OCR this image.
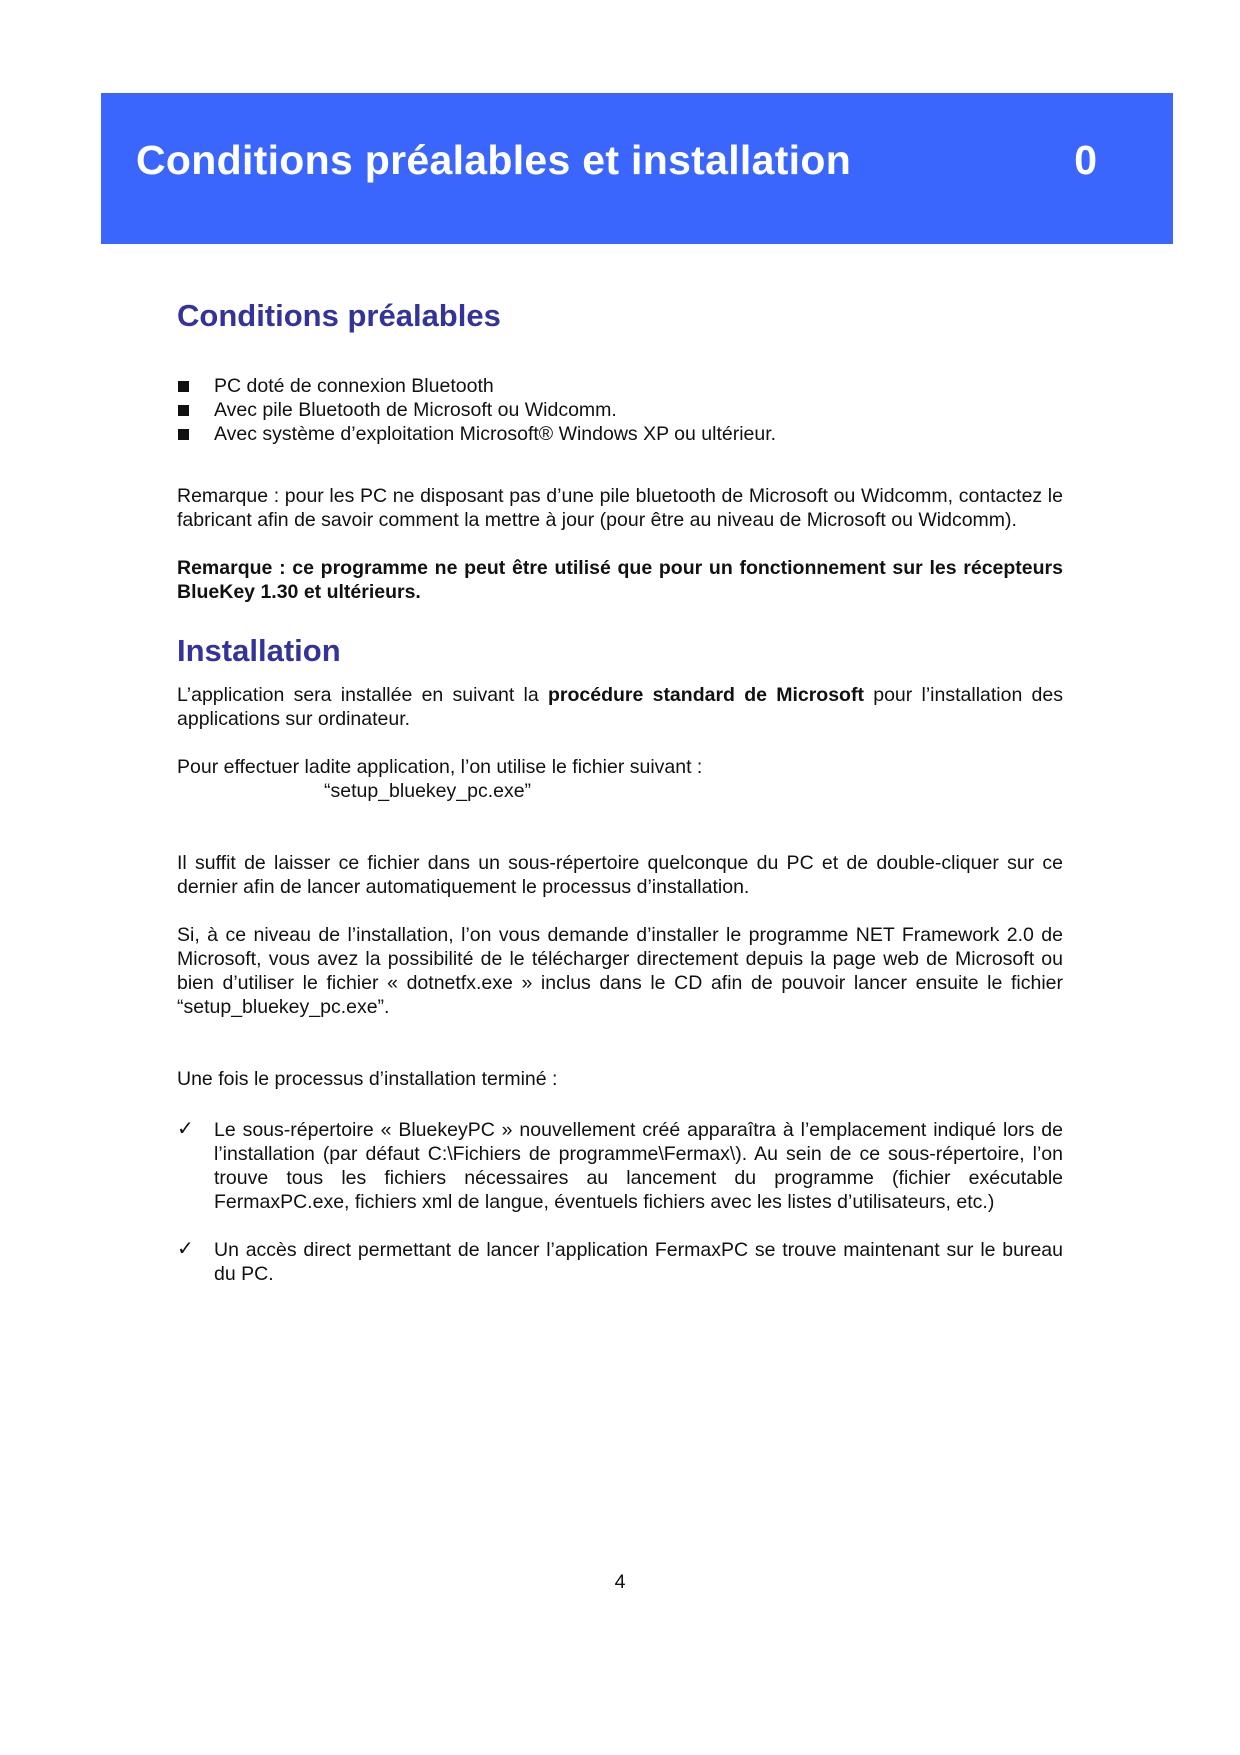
Conditions préalables et installation	0
Conditions préalables
PC doté de connexion Bluetooth
Avec pile Bluetooth de Microsoft ou Widcomm.
Avec système d’exploitation Microsoft® Windows XP ou ultérieur.

Remarque : pour les PC ne disposant pas d’une pile bluetooth de Microsoft ou Widcomm, contactez le fabricant afin de savoir comment la mettre à jour (pour être au niveau de Microsoft ou Widcomm).

Remarque : ce programme ne peut être utilisé que pour un fonctionnement sur les récepteurs BlueKey 1.30 et ultérieurs.

Installation

L’application sera installée en suivant la procédure standard de Microsoft pour l’installation des applications sur ordinateur.

Pour effectuer ladite application, l’on utilise le fichier suivant :

“setup_bluekey_pc.exe”

Il suffit de laisser ce fichier dans un sous-répertoire quelconque du PC et de double-cliquer sur ce dernier afin de lancer automatiquement le processus d’installation.

Si, à ce niveau de l’installation, l’on vous demande d’installer le programme NET Framework 2.0 de Microsoft, vous avez la possibilité de le télécharger directement depuis la page web de Microsoft ou bien d’utiliser le fichier « dotnetfx.exe » inclus dans le CD afin de pouvoir lancer ensuite le fichier “setup_bluekey_pc.exe”.

Une fois le processus d’installation terminé :

✓ Le sous-répertoire « BluekeyPC » nouvellement créé apparaîtra à l’emplacement indiqué lors de l’installation (par défaut C:\Fichiers de programme\Fermax\). Au sein de ce sous-répertoire, l’on trouve tous les fichiers nécessaires au lancement du programme (fichier exécutable FermaxPC.exe, fichiers xml de langue, éventuels fichiers avec les listes d’utilisateurs, etc.)
✓ Un accès direct permettant de lancer l’application FermaxPC se trouve maintenant sur le bureau du PC.
4
